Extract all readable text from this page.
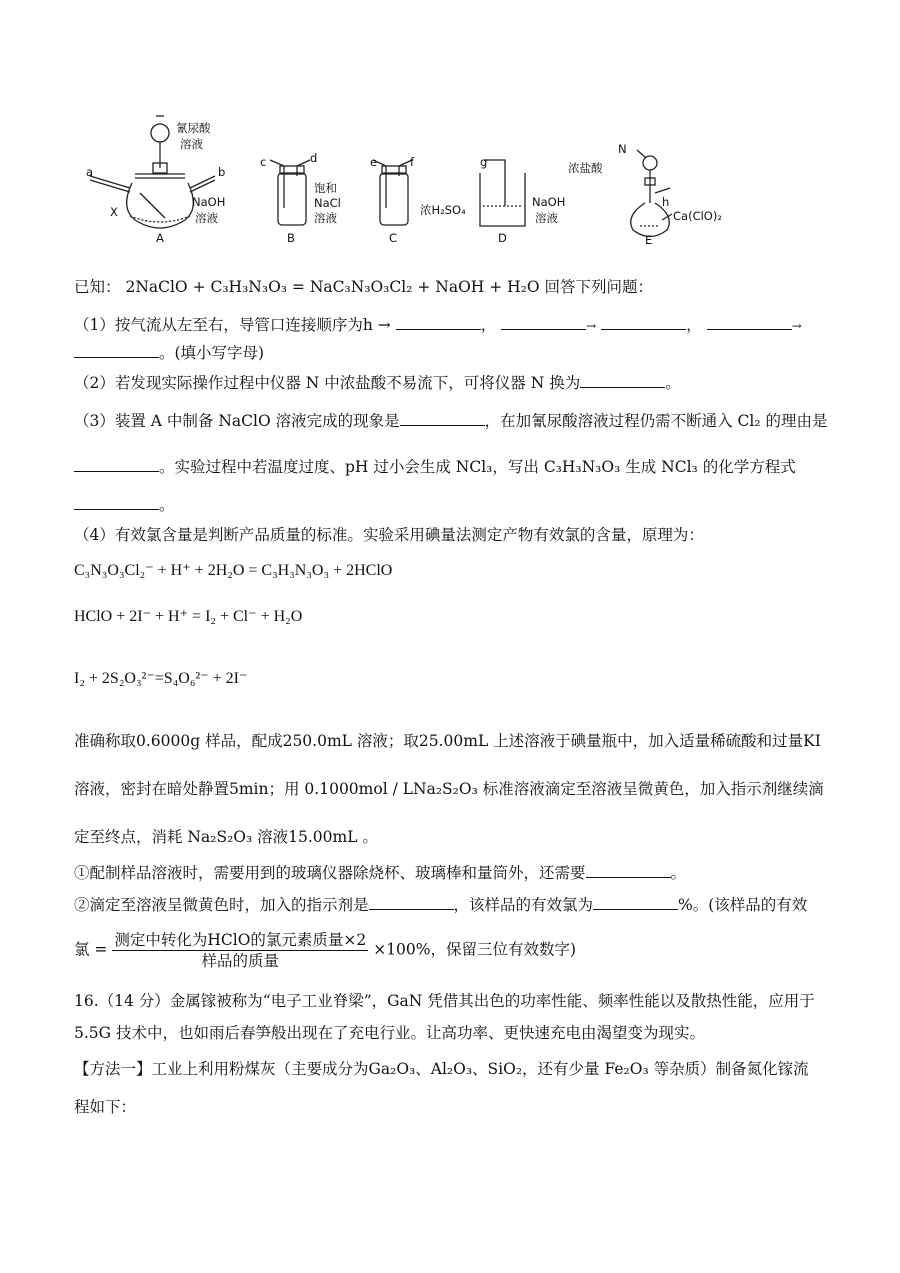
a	b
X
氰尿酸
溶液
NaOH
溶液
A
c	d
饱和
NaCl
溶液
B
e	f
浓H₂SO₄
C
g
NaOH
溶液
D
N
浓盐酸
h
Ca(ClO)₂
E
已知： 2NaClO + C₃H₃N₃O₃ = NaC₃N₃O₃Cl₂ + NaOH + H₂O 回答下列问题：
（1）按气流从左至右，导管口连接顺序为h →	，	→	，	→
。(填小写字母)
（2）若发现实际操作过程中仪器 N 中浓盐酸不易流下，可将仪器 N 换为	。
（3）装置 A 中制备 NaClO 溶液完成的现象是	，在加氰尿酸溶液过程仍需不断通入 Cl₂ 的理由是
。实验过程中若温度过度、pH 过小会生成 NCl₃，写出 C₃H₃N₃O₃ 生成 NCl₃ 的化学方程式
。
（4）有效氯含量是判断产品质量的标准。实验采用碘量法测定产物有效氯的含量，原理为：
C₃N₃O₃Cl₂⁻ + H⁺ + 2H₂O = C₃H₃N₃O₃ + 2HClO
HClO + 2I⁻ + H⁺ = I₂ + Cl⁻ + H₂O
I₂ + 2S₂O₃²⁻=S₄O₆²⁻ + 2I⁻
准确称取0.6000g 样品，配成250.0mL 溶液；取25.00mL 上述溶液于碘量瓶中，加入适量稀硫酸和过量KI
溶液，密封在暗处静置5min；用 0.1000mol / LNa₂S₂O₃ 标准溶液滴定至溶液呈微黄色，加入指示剂继续滴
定至终点，消耗 Na₂S₂O₃ 溶液15.00mL 。
①配制样品溶液时，需要用到的玻璃仪器除烧杯、玻璃棒和量筒外，还需要	。
②滴定至溶液呈微黄色时，加入的指示剂是	，该样品的有效氯为	%。(该样品的有效
氯 = $\frac{\text{测定中转化为HClO的氯元素质量×2}}{\text{样品的质量}} \times 100\%$，保留三位有效数字)
16.（14 分）金属镓被称为“电子工业脊梁”，GaN 凭借其出色的功率性能、频率性能以及散热性能，应用于
5.5G 技术中，也如雨后春笋般出现在了充电行业。让高功率、更快速充电由渴望变为现实。
【方法一】工业上利用粉煤灰（主要成分为Ga₂O₃、Al₂O₃、SiO₂，还有少量 Fe₂O₃ 等杂质）制备氮化镓流
程如下：
